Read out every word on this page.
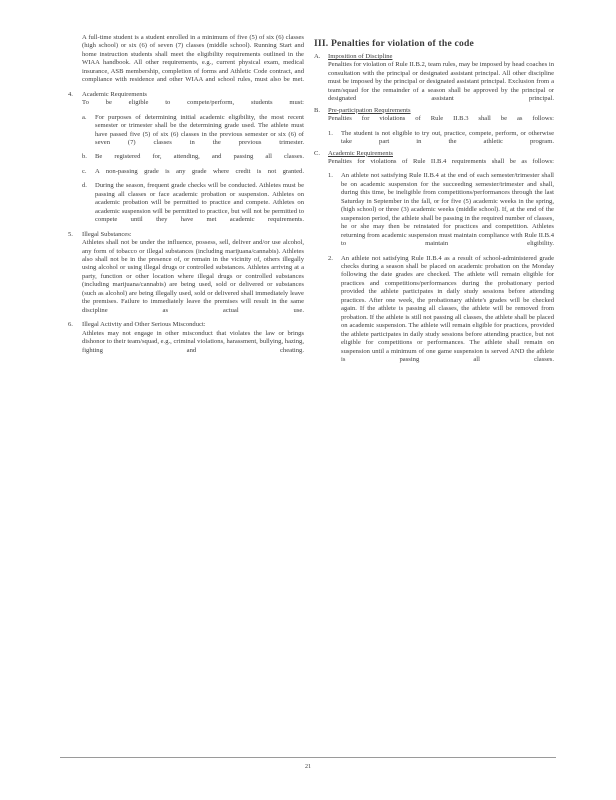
A full-time student is a student enrolled in a minimum of five (5) of six (6) classes (high school) or six (6) of seven (7) classes (middle school). Running Start and home instruction students shall meet the eligibility requirements outlined in the WIAA handbook. All other requirements, e.g., current physical exam, medical insurance, ASB membership, completion of forms and Athletic Code contract, and compliance with residence and other WIAA and school rules, must also be met.

4. Academic Requirements

To be eligible to compete/perform, students must:

a. For purposes of determining initial academic eligibility, the most recent semester or trimester shall be the determining grade used. The athlete must have passed five (5) of six (6) classes in the previous semester or six (6) of seven (7) classes in the previous trimester.

b. Be registered for, attending, and passing all classes.

c. A non-passing grade is any grade where credit is not granted.

d. During the season, frequent grade checks will be conducted. Athletes must be passing all classes or face academic probation or suspension. Athletes on academic probation will be permitted to practice and compete. Athletes on academic suspension will be permitted to practice, but will not be permitted to compete until they have met academic requirements.

5. Illegal Substances:

Athletes shall not be under the influence, possess, sell, deliver and/or use alcohol, any form of tobacco or illegal substances (including marijuana/cannabis). Athletes also shall not be in the presence of, or remain in the vicinity of, others illegally using alcohol or using illegal drugs or controlled substances. Athletes arriving at a party, function or other location where illegal drugs or controlled substances (including marijuana/cannabis) are being used, sold or delivered or substances (such as alcohol) are being illegally used, sold or delivered shall immediately leave the premises. Failure to immediately leave the premises will result in the same discipline as actual use.

6. Illegal Activity and Other Serious Misconduct:

Athletes may not engage in other misconduct that violates the law or brings dishonor to their team/squad, e.g., criminal violations, harassment, bullying, hazing, fighting and cheating.

III. Penalties for violation of the code
A. Imposition of Discipline

Penalties for violation of Rule II.B.2, team rules, may be imposed by head coaches in consultation with the principal or designated assistant principal. All other discipline must be imposed by the principal or designated assistant principal. Exclusion from a team/squad for the remainder of a season shall be approved by the principal or designated assistant principal.

B. Pre-participation Requirements

Penalties for violations of Rule II.B.3 shall be as follows:

1. The student is not eligible to try out, practice, compete, perform, or otherwise take part in the athletic program.

C. Academic Requirements

Penalties for violations of Rule II.B.4 requirements shall be as follows:

1. An athlete not satisfying Rule II.B.4 at the end of each semester/trimester shall be on academic suspension for the succeeding semester/trimester and shall, during this time, be ineligible from competitions/performances through the last Saturday in September in the fall, or for five (5) academic weeks in the spring, (high school) or three (3) academic weeks (middle school). If, at the end of the suspension period, the athlete shall be passing in the required number of classes, he or she may then be reinstated for practices and competition. Athletes returning from academic suspension must maintain compliance with Rule II.B.4 to maintain eligibility.

2. An athlete not satisfying Rule II.B.4 as a result of school-administered grade checks during a season shall be placed on academic probation on the Monday following the date grades are checked. The athlete will remain eligible for practices and competitions/performances during the probationary period provided the athlete participates in daily study sessions before attending practices. After one week, the probationary athlete's grades will be checked again. If the athlete is passing all classes, the athlete will be removed from probation. If the athlete is still not passing all classes, the athlete shall be placed on academic suspension. The athlete will remain eligible for practices, provided the athlete participates in daily study sessions before attending practice, but not eligible for competitions or performances. The athlete shall remain on suspension until a minimum of one game suspension is served AND the athlete is passing all classes.

21
